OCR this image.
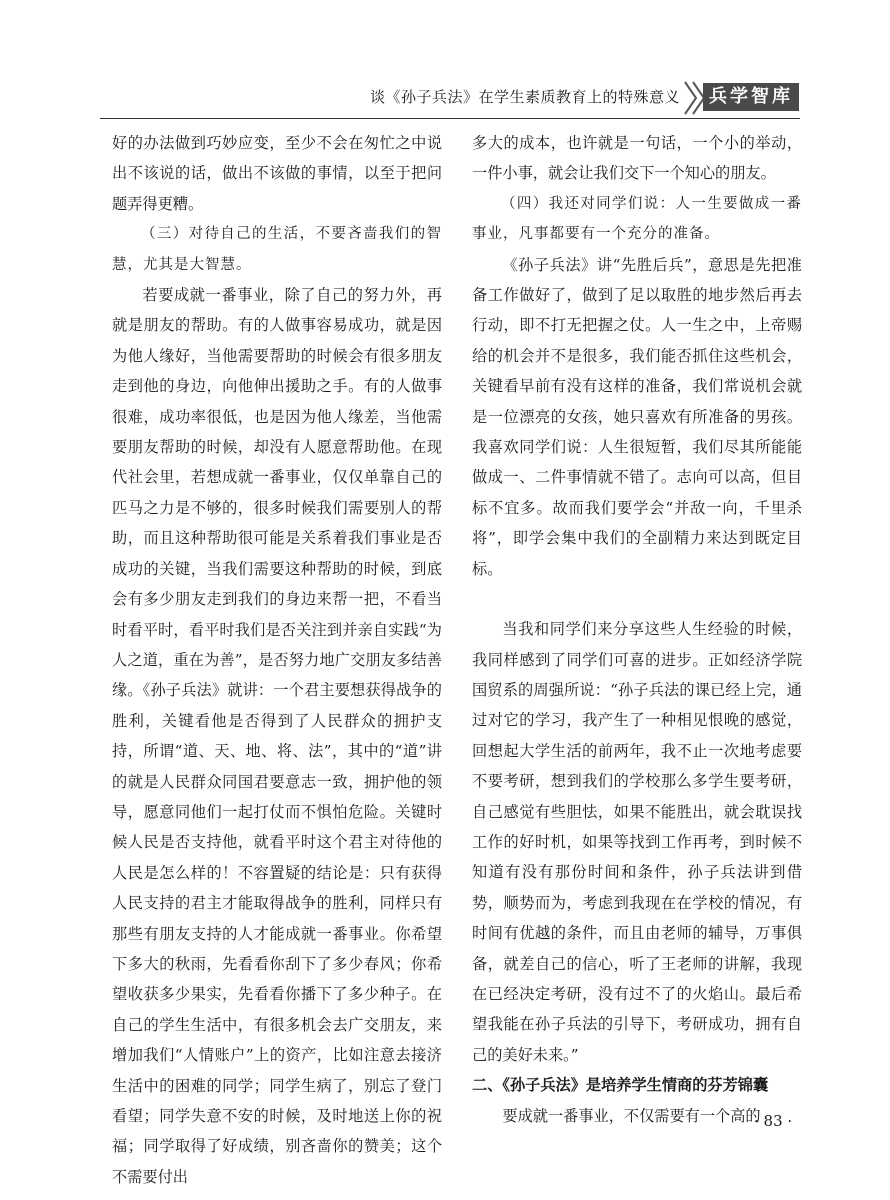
谈《孙子兵法》在学生素质教育上的特殊意义	兵学智库

好的办法做到巧妙应变，至少不会在匆忙之中说出不该说的话，做出不该做的事情，以至于把问题弄得更糟。

（三）对待自己的生活，不要吝啬我们的智慧，尤其是大智慧。

若要成就一番事业，除了自己的努力外，再就是朋友的帮助。有的人做事容易成功，就是因为他人缘好，当他需要帮助的时候会有很多朋友走到他的身边，向他伸出援助之手。有的人做事很难，成功率很低，也是因为他人缘差，当他需要朋友帮助的时候，却没有人愿意帮助他。在现代社会里，若想成就一番事业，仅仅单靠自己的匹马之力是不够的，很多时候我们需要别人的帮助，而且这种帮助很可能是关系着我们事业是否成功的关键，当我们需要这种帮助的时候，到底会有多少朋友走到我们的身边来帮一把，不看当时看平时，看平时我们是否关注到并亲自实践“为人之道，重在为善”，是否努力地广交朋友多结善缘。《孙子兵法》就讲：一个君主要想获得战争的胜利，关键看他是否得到了人民群众的拥护支持，所谓“道、天、地、将、法”，其中的“道”讲的就是人民群众同国君要意志一致，拥护他的领导，愿意同他们一起打仗而不惧怕危险。关键时候人民是否支持他，就看平时这个君主对待他的人民是怎么样的！不容置疑的结论是：只有获得人民支持的君主才能取得战争的胜利，同样只有那些有朋友支持的人才能成就一番事业。你希望下多大的秋雨，先看看你刮下了多少春风；你希望收获多少果实，先看看你播下了多少种子。在自己的学生生活中，有很多机会去广交朋友，来增加我们“人情账户”上的资产，比如注意去接济生活中的困难的同学；同学生病了，别忘了登门看望；同学失意不安的时候，及时地送上你的祝福；同学取得了好成绩，别吝啬你的赞美；这个不需要付出

多大的成本，也许就是一句话，一个小的举动，一件小事，就会让我们交下一个知心的朋友。

（四）我还对同学们说：人一生要做成一番事业，凡事都要有一个充分的准备。

《孙子兵法》讲“先胜后兵”，意思是先把准备工作做好了，做到了足以取胜的地步然后再去行动，即不打无把握之仗。人一生之中，上帝赐给的机会并不是很多，我们能否抓住这些机会，关键看早前有没有这样的准备，我们常说机会就是一位漂亮的女孩，她只喜欢有所准备的男孩。我喜欢同学们说：人生很短暂，我们尽其所能能做成一、二件事情就不错了。志向可以高，但目标不宜多。故而我们要学会“并敌一向，千里杀将”，即学会集中我们的全副精力来达到既定目标。

当我和同学们来分享这些人生经验的时候，我同样感到了同学们可喜的进步。正如经济学院国贸系的周强所说：“孙子兵法的课已经上完，通过对它的学习，我产生了一种相见恨晚的感觉，回想起大学生活的前两年，我不止一次地考虑要不要考研，想到我们的学校那么多学生要考研，自己感觉有些胆怯，如果不能胜出，就会耽误找工作的好时机，如果等找到工作再考，到时候不知道有没有那份时间和条件，孙子兵法讲到借势，顺势而为，考虑到我现在在学校的情况，有时间有优越的条件，而且由老师的辅导，万事俱备，就差自己的信心，听了王老师的讲解，我现在已经决定考研，没有过不了的火焰山。最后希望我能在孙子兵法的引导下，考研成功，拥有自己的美好未来。”

二、《孙子兵法》是培养学生情商的芬芳锦囊

要成就一番事业，不仅需要有一个高的

· 83 ·
